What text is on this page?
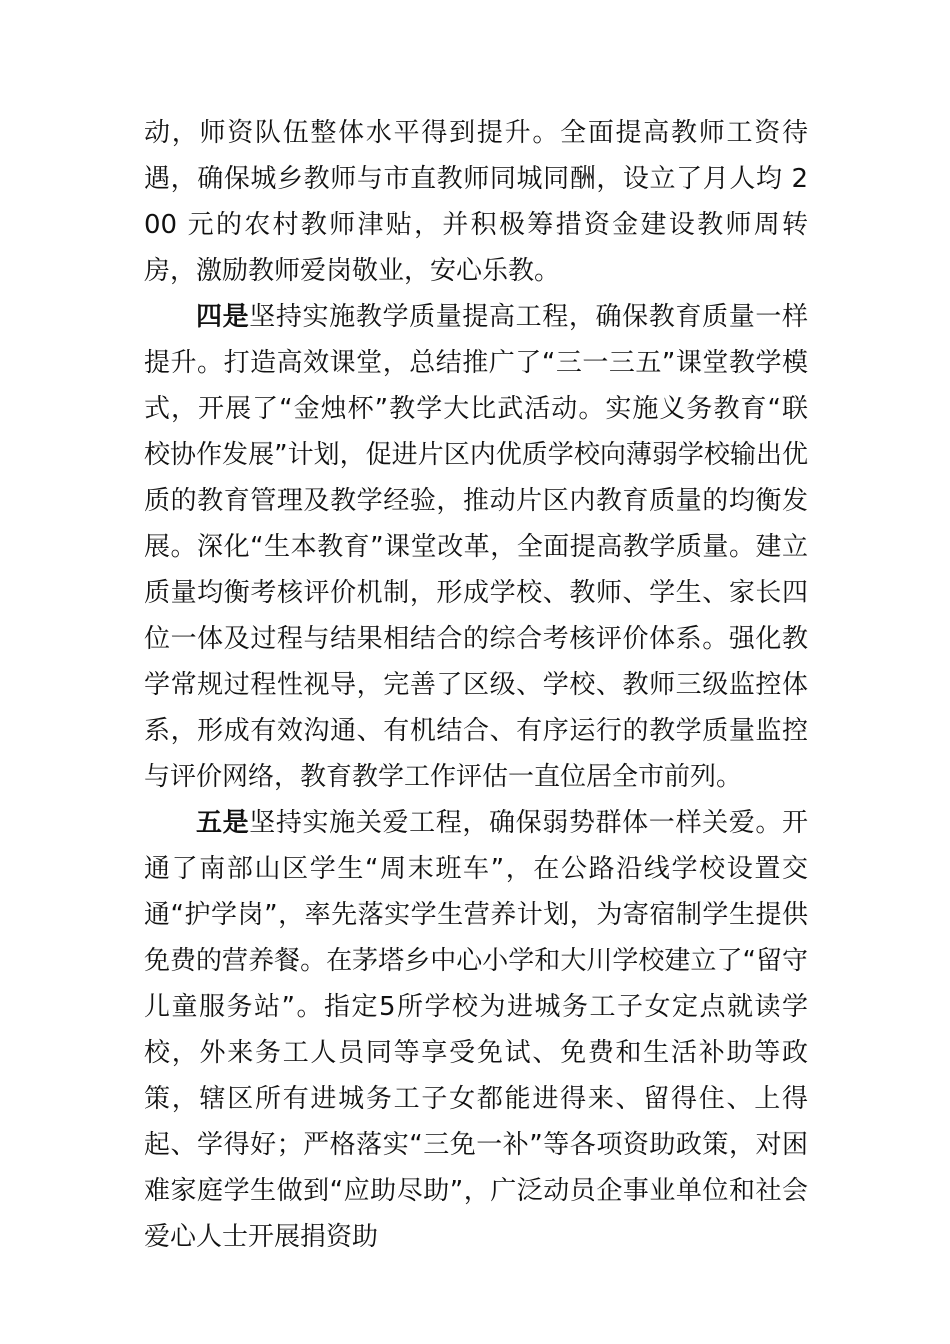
动，师资队伍整体水平得到提升。全面提高教师工资待遇，确保城乡教师与市直教师同城同酬，设立了月人均 200 元的农村教师津贴，并积极筹措资金建设教师周转房，激励教师爱岗敬业，安心乐教。

四是坚持实施教学质量提高工程，确保教育质量一样提升。打造高效课堂，总结推广了“三一三五”课堂教学模式，开展了“金烛杯”教学大比武活动。实施义务教育“联校协作发展”计划，促进片区内优质学校向薄弱学校输出优质的教育管理及教学经验，推动片区内教育质量的均衡发展。深化“生本教育”课堂改革，全面提高教学质量。建立质量均衡考核评价机制，形成学校、教师、学生、家长四位一体及过程与结果相结合的综合考核评价体系。强化教学常规过程性视导，完善了区级、学校、教师三级监控体系，形成有效沟通、有机结合、有序运行的教学质量监控与评价网络，教育教学工作评估一直位居全市前列。

五是坚持实施关爱工程，确保弱势群体一样关爱。开通了南部山区学生“周末班车”，在公路沿线学校设置交通“护学岗”，率先落实学生营养计划，为寄宿制学生提供免费的营养餐。在茅塔乡中心小学和大川学校建立了“留守儿童服务站”。指定5所学校为进城务工子女定点就读学校，外来务工人员同等享受免试、免费和生活补助等政策，辖区所有进城务工子女都能进得来、留得住、上得起、学得好；严格落实“三免一补”等各项资助政策，对困难家庭学生做到“应助尽助”，广泛动员企事业单位和社会爱心人士开展捐资助
